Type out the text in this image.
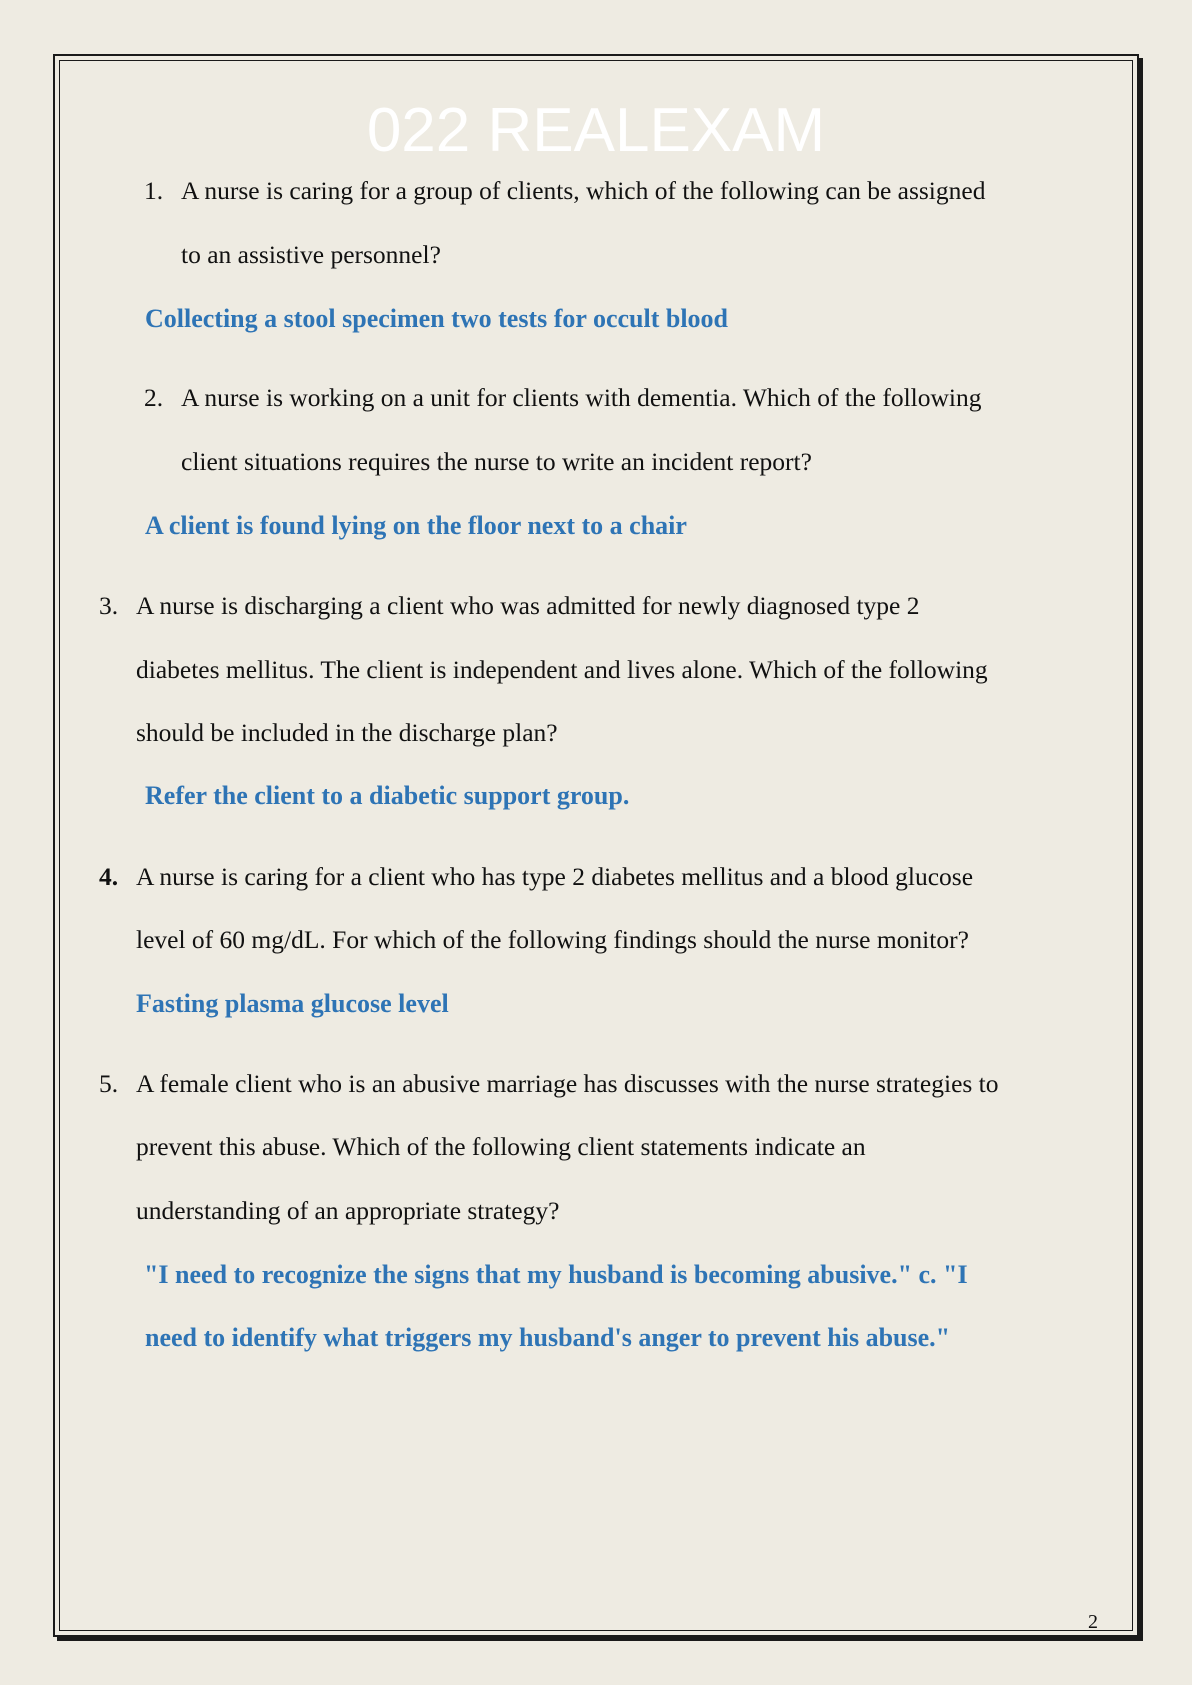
022 REALEXAM
1. A nurse is caring for a group of clients, which of the following can be assigned
to an assistive personnel?
Collecting a stool specimen two tests for occult blood
2. A nurse is working on a unit for clients with dementia. Which of the following
client situations requires the nurse to write an incident report?
A client is found lying on the floor next to a chair
3. A nurse is discharging a client who was admitted for newly diagnosed type 2
diabetes mellitus. The client is independent and lives alone. Which of the following
should be included in the discharge plan?
Refer the client to a diabetic support group.
4. A nurse is caring for a client who has type 2 diabetes mellitus and a blood glucose
level of 60 mg/dL. For which of the following findings should the nurse monitor?
Fasting plasma glucose level
5. A female client who is an abusive marriage has discusses with the nurse strategies to
prevent this abuse. Which of the following client statements indicate an
understanding of an appropriate strategy?
"I need to recognize the signs that my husband is becoming abusive." c. "I
need to identify what triggers my husband's anger to prevent his abuse."
2
